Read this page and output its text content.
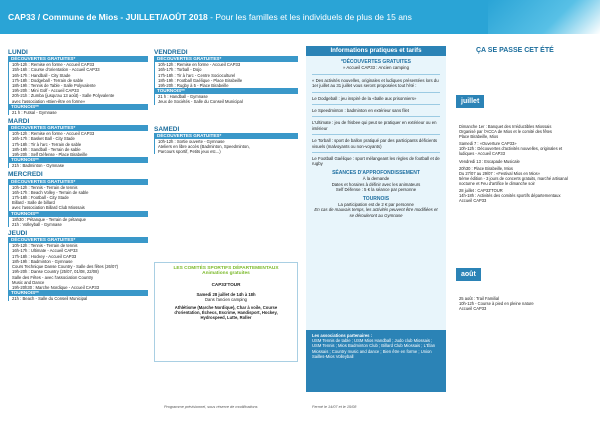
CAP33 / Commune de Mios - JUILLET/AOÛT 2018 - Pour les familles et les individuels de plus de 15 ans
LUNDI
DÉCOUVERTES GRATUITES*
10h-12h : Remise en forme - Accueil CAP33
15h-16h : Course d'orientation - Accueil CAP33
16h-17h : Handball - City Stade
17h-18h : Dodgeball - Terrain de sable
18h-19h : Tennis de Table - Salle Polyvalente
19h-20h : Mini Golf - Accueil CAP33
20h-21h : Zumba (jusqu'au 13 août) - Salle Polyvalente
avec l'association «Bien-être en forme»
TOURNOIS**
21 h : Futsal - Gymnase
MARDI
DÉCOUVERTES GRATUITES*
10h-12h : Remise en forme - Accueil CAP33
16h-17h : Basket Ball - City Stade
17h-18h : Tir à l'arc - Terrain de sable
18h-19h : Sandball - Terrain de sable
19h-20h : Self Défense - Place Birabeille
TOURNOIS**
21h : Badminton - Gymnase
MERCREDI
DÉCOUVERTES GRATUITES*
10h-12h : Tennis - Terrain de tennis
16h-17h : Beach Volley - Terrain de sable
17h-18h : Football - City Stade
Billard - Salle de billard
avec l'association Billard Club Miossais
TOURNOIS**
18h30 : Pétanque - Terrain de pétanque
21h : Volleyball - Gymnase
JEUDI
DÉCOUVERTES GRATUITES*
10h-12h : Tennis - Terrain de tennis
16h-17h : Ultimate - Accueil CAP33
17h-18h : Hockey - Accueil CAP33
18h-19h : Badminton - Gymnase
Cours Technique Danse Country - Salle des fêtes (26/07)
19h-20h : Danse Country (25/07, 01/08, 22/08)
Salle des Fêtes - avec l'association Country
Music and Dance
19h-20h30 : Marche Nordique - Accueil CAP33
TOURNOIS**
21h : Beach - Salle du Conseil Municipal
VENDREDI
DÉCOUVERTES GRATUITES*
10h-12h : Remise en forme - Accueil CAP33
16h-17h : Torball - Dojo
17h-18h : Tir à l'arc - Centre Socioculturel
18h-19h : Football Gaélique - Place Birabeille
19h-20h : Rugby à 5 - Place Birabeille
TOURNOIS**
21 h : Handball - Gymnase
Jeux de Sociétés - Salle du Conseil Municipal
SAMEDI
DÉCOUVERTES GRATUITES*
10h-12h : Sortie ouverte - Gymnase
Ateliers en libre accès (Badminton, Speedminton,
Parcours sportif, Petits jeux etc...)
LES COMITÉS SPORTIFS DÉPARTEMENTAUX
Animations gratuites
CAP33'TOUR
Samedi 28 juillet de 14h à 18h
Dans l'ancien camping
Athlétisme (Marche Nordique), Char à voile, Course d'orientation, Échecs, Escrime, Handisport, Hockey, Hydrospeed, Lutte, Roller
Informations pratiques et tarifs
*DÉCOUVERTES GRATUITES
» Accueil CAP33 : Ancien camping
« Des activités nouvelles, originales et ludiques présentées lors du 1er juillet au 31 juillet vous seront proposées tout l'été :
Le Dodgeball : jeu inspiré de la «balle aux prisonniers»
Le Speedminton : badminton en extérieur sans filet
L'Ultimate : jeu de frisbee qui peut se pratiquer en extérieur ou en intérieur
Le Torball : sport de ballon pratiqué par des participants déficients visuels (malvoyants ou non-voyants)
Le Football Gaélique : sport mélangeant les règles de football et de rugby
SÉANCES D'APPROFONDISSEMENT
À la demande
Dates et horaires à définir avec les animateurs
Self Défense : 5 € la séance par personne
TOURNOIS
La participation est de 2 € par personne
En cas de mauvais temps, les activités peuvent être modifiées et se dérouleront au Gymnase
Les associations partenaires :
USM Tennis de table ; USM Mios Handball ; Judo club Miossais ; USM Tennis ; Mios Badminton Club ; Billard Club Miossais ; L'Élan Miossais ; Country music and dance ; Bien être en forme ; Union Sailles-Mios Volleyball
ÇA SE PASSE CET ÉTÉ
juillet
Dimanche 1er : Banquet des Irréductibles Miossais
Organisé par l'ACCA de Mios et le comité des fêtes
Place Birabeille, Mios
Samedi 7 : «Ouverture CAP33»
10h-12h : Découvertes d'activités nouvelles, originales et
ludiques - Accueil CAP33
Vendredi 13 : Escapade Musicale
20h30 : Place Birabeille, Mios
Du 27/07 au 29/07 : «Festival Mios en Mios»
5ème édition - 3 jours de concerts gratuits, marché artisanal
nocturne et Feu d'artifice le dimanche soir
28 juillet : CAP33'TOUR
14h-18h : Activités des comités sportifs départementaux
Accueil CAP33
août
25 août : Trail Familial
10h-12h - Course à pied en pleine nature
Accueil CAP33
Programme prévisionnel, sous réserve de modifications	Fermé le 14/07 et le 15/08
